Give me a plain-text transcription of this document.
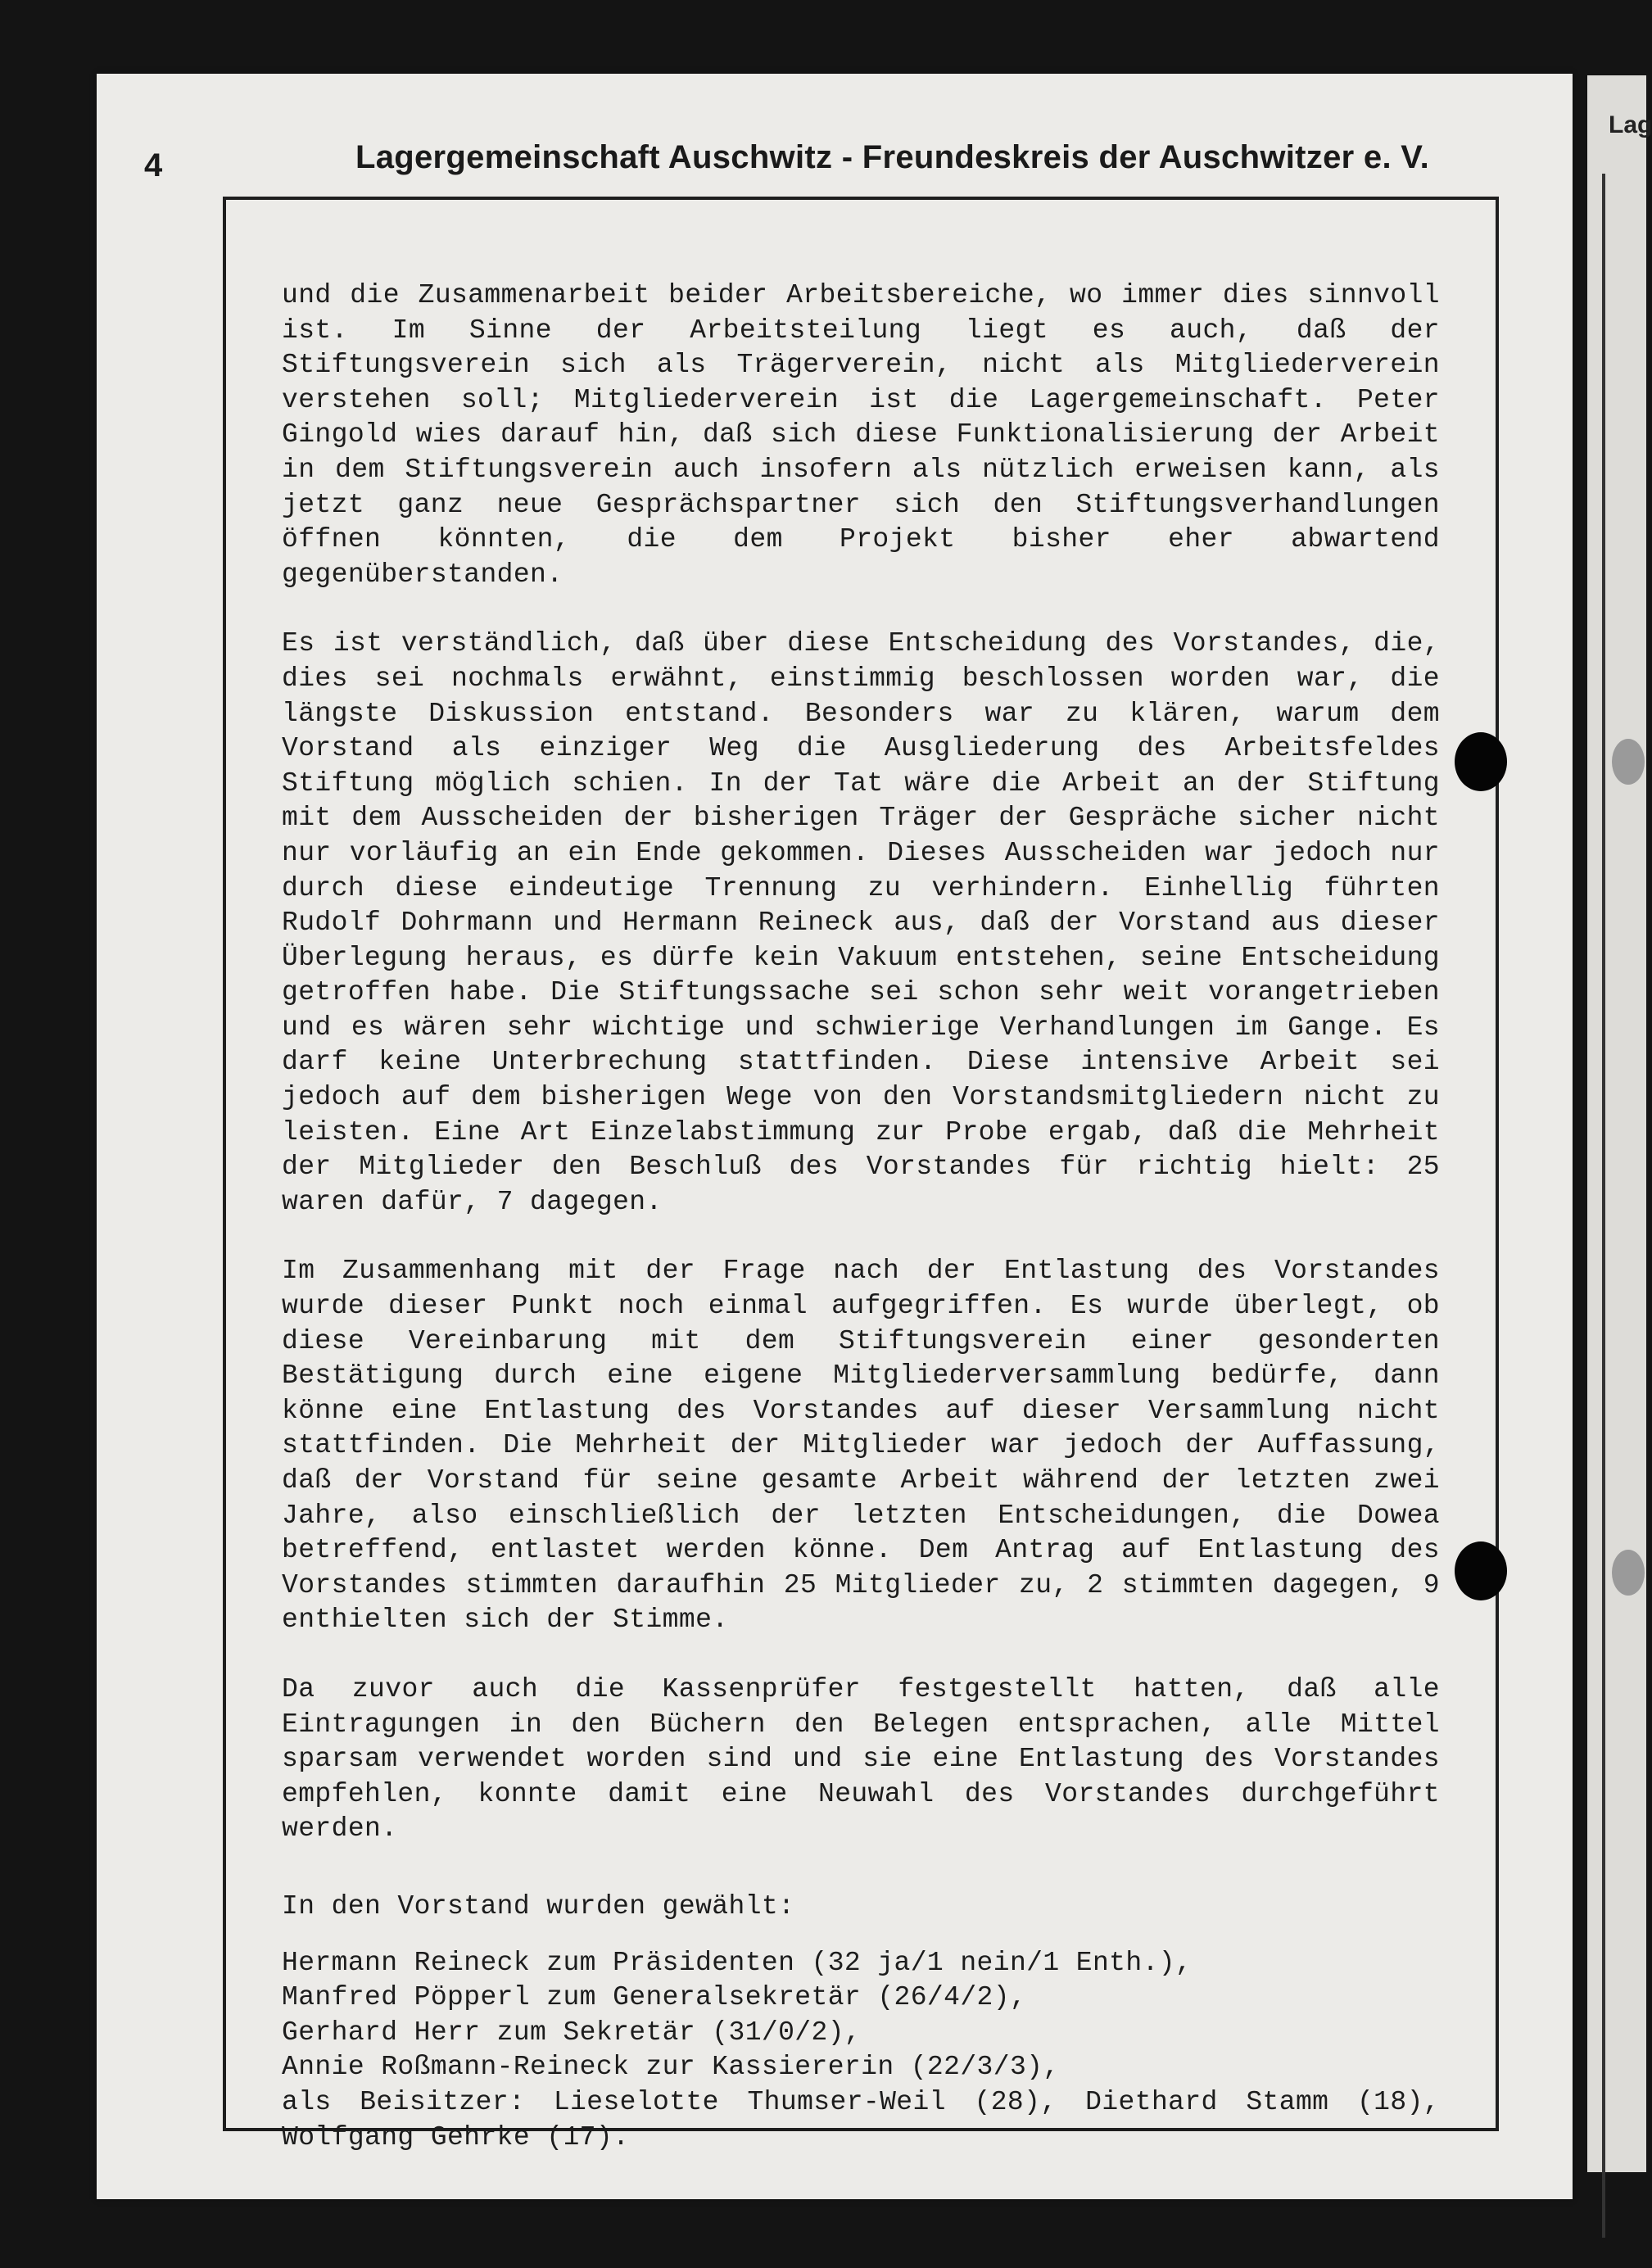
Lag
4	Lagergemeinschaft Auschwitz - Freundeskreis der Auschwitzer e. V.

und die Zusammenarbeit beider Arbeitsbereiche, wo immer dies sinnvoll ist. Im Sinne der Arbeitsteilung liegt es auch, daß der Stiftungsverein sich als Trägerverein, nicht als Mitgliederverein verstehen soll; Mitgliederverein ist die Lagergemeinschaft. Peter Gingold wies darauf hin, daß sich diese Funktionalisierung der Arbeit in dem Stiftungsverein auch insofern als nützlich erweisen kann, als jetzt ganz neue Gesprächspartner sich den Stiftungsverhandlungen öffnen könnten, die dem Projekt bisher eher abwartend gegenüberstanden.

Es ist verständlich, daß über diese Entscheidung des Vorstandes, die, dies sei nochmals erwähnt, einstimmig beschlossen worden war, die längste Diskussion entstand. Besonders war zu klären, warum dem Vorstand als einziger Weg die Ausgliederung des Arbeitsfeldes Stiftung möglich schien. In der Tat wäre die Arbeit an der Stiftung mit dem Ausscheiden der bisherigen Träger der Gespräche sicher nicht nur vorläufig an ein Ende gekommen. Dieses Ausscheiden war jedoch nur durch diese eindeutige Trennung zu verhindern. Einhellig führten Rudolf Dohrmann und Hermann Reineck aus, daß der Vorstand aus dieser Überlegung heraus, es dürfe kein Vakuum entstehen, seine Entscheidung getroffen habe. Die Stiftungssache sei schon sehr weit vorangetrieben und es wären sehr wichtige und schwierige Verhandlungen im Gange. Es darf keine Unterbrechung stattfinden. Diese intensive Arbeit sei jedoch auf dem bisherigen Wege von den Vorstandsmitgliedern nicht zu leisten. Eine Art Einzelabstimmung zur Probe ergab, daß die Mehrheit der Mitglieder den Beschluß des Vorstandes für richtig hielt: 25 waren dafür, 7 dagegen.

Im Zusammenhang mit der Frage nach der Entlastung des Vorstandes wurde dieser Punkt noch einmal aufgegriffen. Es wurde überlegt, ob diese Vereinbarung mit dem Stiftungsverein einer gesonderten Bestätigung durch eine eigene Mitgliederversammlung bedürfe, dann könne eine Entlastung des Vorstandes auf dieser Versammlung nicht stattfinden. Die Mehrheit der Mitglieder war jedoch der Auffassung, daß der Vorstand für seine gesamte Arbeit während der letzten zwei Jahre, also einschließlich der letzten Entscheidungen, die Dowea betreffend, entlastet werden könne. Dem Antrag auf Entlastung des Vorstandes stimmten daraufhin 25 Mitglieder zu, 2 stimmten dagegen, 9 enthielten sich der Stimme.

Da zuvor auch die Kassenprüfer festgestellt hatten, daß alle Eintragungen in den Büchern den Belegen entsprachen, alle Mittel sparsam verwendet worden sind und sie eine Entlastung des Vorstandes empfehlen, konnte damit eine Neuwahl des Vorstandes durchgeführt werden.

In den Vorstand wurden gewählt:

Hermann Reineck zum Präsidenten (32 ja/1 nein/1 Enth.),
Manfred Pöpperl zum Generalsekretär (26/4/2),
Gerhard Herr zum Sekretär (31/0/2),
Annie Roßmann-Reineck zur Kassiererin (22/3/3),
als Beisitzer: Lieselotte Thumser-Weil (28), Diethard Stamm (18),
Wolfgang Gehrke (17).
